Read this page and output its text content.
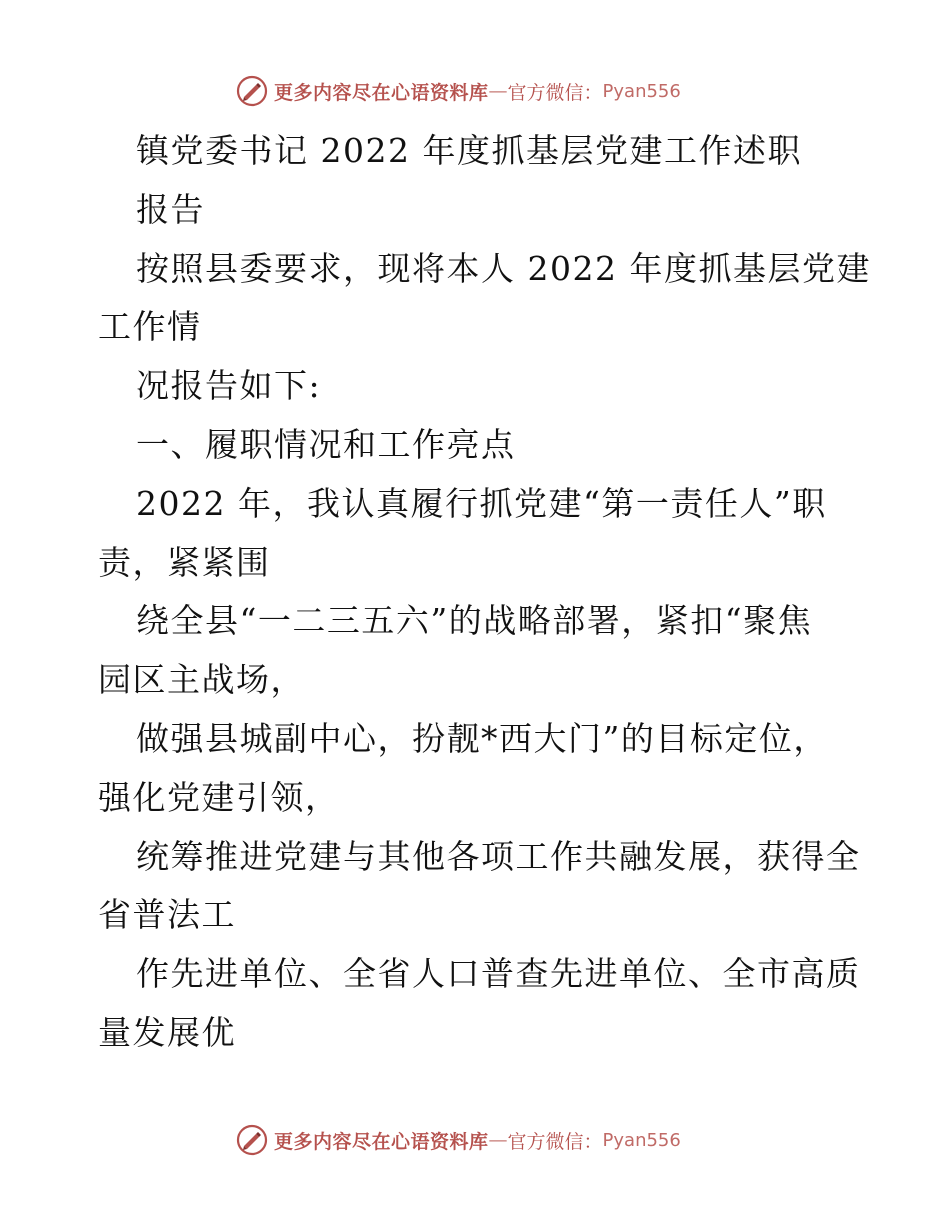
更多内容尽在心语资料库 — 官方微信： Pyan556
镇党委书记 2022 年度抓基层党建工作述职
报告
按照县委要求，现将本人 2022 年度抓基层党建
工作情
况报告如下:
一、履职情况和工作亮点
2022 年，我认真履行抓党建“第一责任人”职
责，紧紧围
绕全县“一二三五六”的战略部署，紧扣“聚焦
园区主战场，
做强县城副中心，扮靓*西大门”的目标定位，
强化党建引领，
统筹推进党建与其他各项工作共融发展，获得全
省普法工
作先进单位、全省人口普查先进单位、全市高质
量发展优
更多内容尽在心语资料库 — 官方微信： Pyan556
